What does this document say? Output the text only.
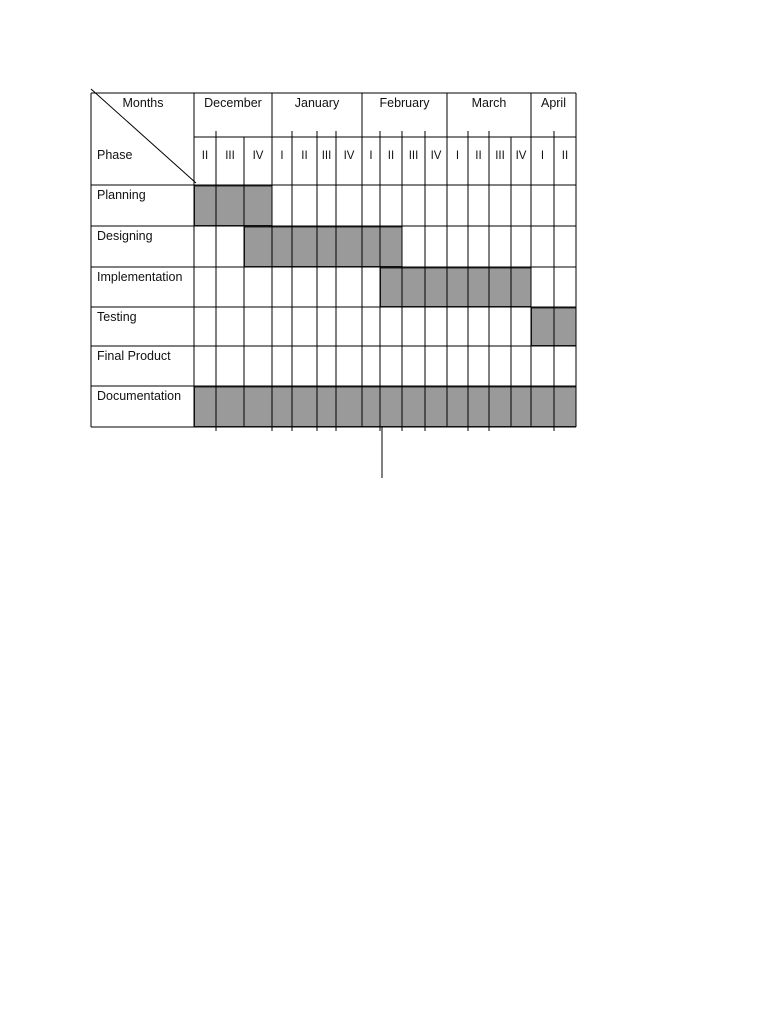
Months
Phase
December
II III IV
January
I II III IV
February
I II III IV
March
I II III IV
April
I II
Planning
Designing
Implementation
Testing
Final Product
Documentation
